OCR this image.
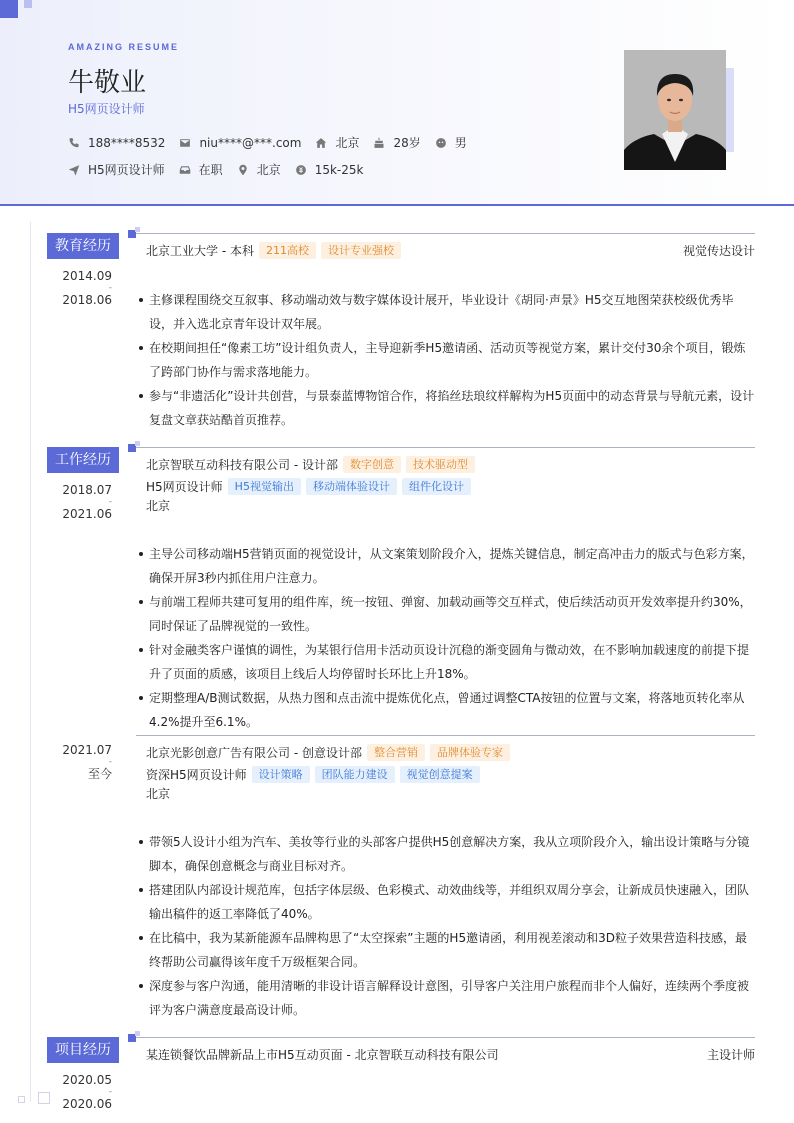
AMAZING RESUME
牛敬业
H5网页设计师
188****8532	niu****@***.com	北京	28岁	男
H5网页设计师	在职	北京	15k-25k
教育经历
2014.09
-
2018.06
北京工业大学 - 本科	211高校	设计专业强校	视觉传达设计
主修课程围绕交互叙事、移动端动效与数字媒体设计展开，毕业设计《胡同·声景》H5交互地图荣获校级优秀毕设，并入选北京青年设计双年展。
在校期间担任“像素工坊”设计组负责人，主导迎新季H5邀请函、活动页等视觉方案，累计交付30余个项目，锻炼了跨部门协作与需求落地能力。
参与“非遗活化”设计共创营，与景泰蓝博物馆合作，将掐丝珐琅纹样解构为H5页面中的动态背景与导航元素，设计复盘文章获站酷首页推荐。
工作经历
2018.07
-
2021.06
北京智联互动科技有限公司 - 设计部	数字创意	技术驱动型
H5网页设计师	H5视觉输出	移动端体验设计	组件化设计
北京
主导公司移动端H5营销页面的视觉设计，从文案策划阶段介入，提炼关键信息，制定高冲击力的版式与色彩方案，确保开屏3秒内抓住用户注意力。
与前端工程师共建可复用的组件库，统一按钮、弹窗、加载动画等交互样式，使后续活动页开发效率提升约30%，同时保证了品牌视觉的一致性。
针对金融类客户谨慎的调性，为某银行信用卡活动页设计沉稳的渐变圆角与微动效，在不影响加载速度的前提下提升了页面的质感，该项目上线后人均停留时长环比上升18%。
定期整理A/B测试数据，从热力图和点击流中提炼优化点，曾通过调整CTA按钮的位置与文案，将落地页转化率从4.2%提升至6.1%。
2021.07
-
至今
北京光影创意广告有限公司 - 创意设计部	整合营销	品牌体验专家
资深H5网页设计师	设计策略	团队能力建设	视觉创意提案
北京
带领5人设计小组为汽车、美妆等行业的头部客户提供H5创意解决方案，我从立项阶段介入，输出设计策略与分镜脚本，确保创意概念与商业目标对齐。
搭建团队内部设计规范库，包括字体层级、色彩模式、动效曲线等，并组织双周分享会，让新成员快速融入，团队输出稿件的返工率降低了40%。
在比稿中，我为某新能源车品牌构思了“太空探索”主题的H5邀请函，利用视差滚动和3D粒子效果营造科技感，最终帮助公司赢得该年度千万级框架合同。
深度参与客户沟通，能用清晰的非设计语言解释设计意图，引导客户关注用户旅程而非个人偏好，连续两个季度被评为客户满意度最高设计师。
项目经历
2020.05
-
2020.06
某连锁餐饮品牌新品上市H5互动页面 - 北京智联互动科技有限公司	主设计师
